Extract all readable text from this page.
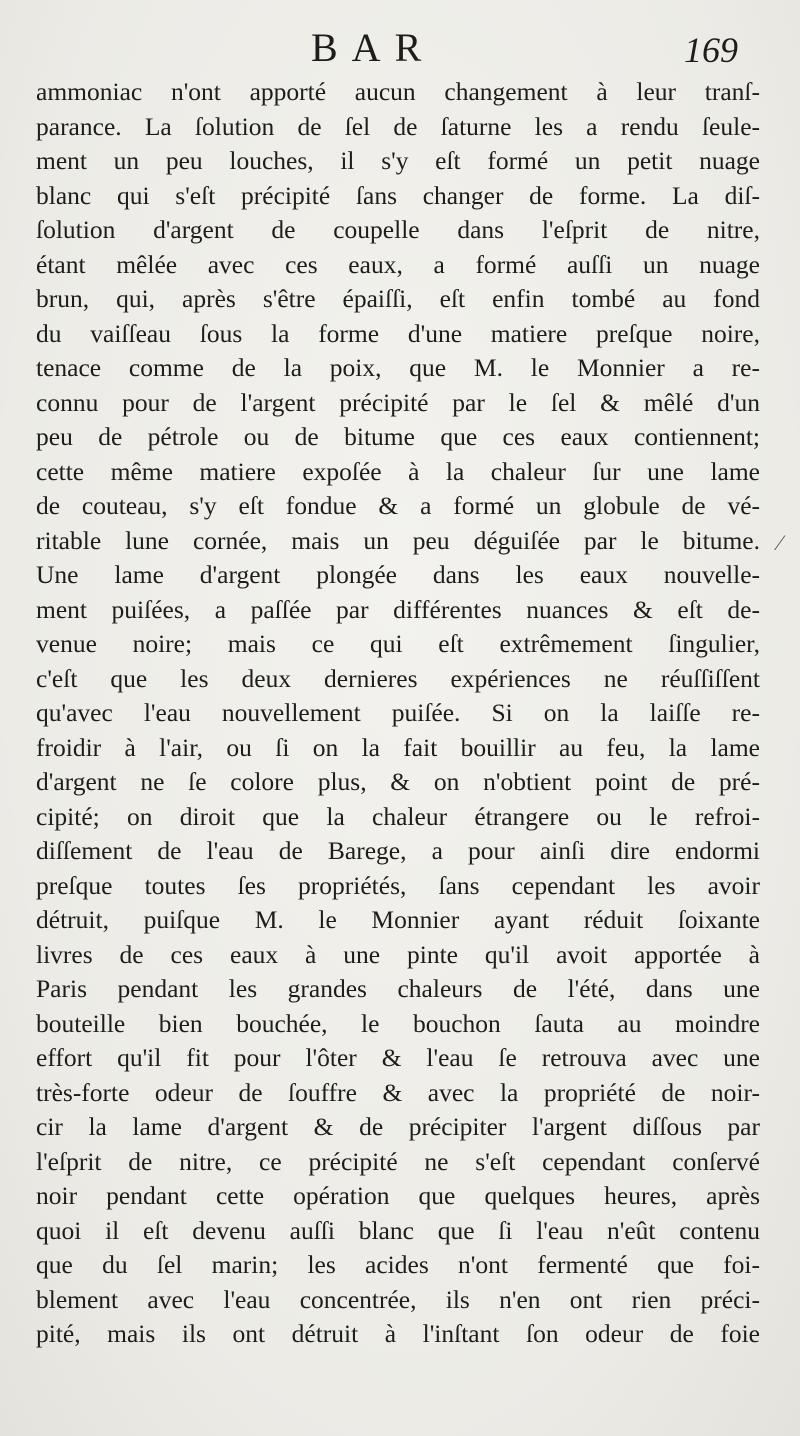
BAR	169
ammoniac n'ont apporté aucun changement à leur tranſ-
parance. La ſolution de ſel de ſaturne les a rendu ſeule-
ment un peu louches, il s'y eſt formé un petit nuage
blanc qui s'eſt précipité ſans changer de forme. La diſ-
ſolution d'argent de coupelle dans l'eſprit de nitre,
étant mêlée avec ces eaux, a formé auſſi un nuage
brun, qui, après s'être épaiſſi, eſt enfin tombé au fond
du vaiſſeau ſous la forme d'une matiere preſque noire,
tenace comme de la poix, que M. le Monnier a re-
connu pour de l'argent précipité par le ſel & mêlé d'un
peu de pétrole ou de bitume que ces eaux contiennent;
cette même matiere expoſée à la chaleur ſur une lame
de couteau, s'y eſt fondue & a formé un globule de vé-
ritable lune cornée, mais un peu déguiſée par le bitume.
Une lame d'argent plongée dans les eaux nouvelle-
ment puiſées, a paſſée par différentes nuances & eſt de-
venue noire; mais ce qui eſt extrêmement ſingulier,
c'eſt que les deux dernieres expériences ne réuſſiſſent
qu'avec l'eau nouvellement puiſée. Si on la laiſſe re-
froidir à l'air, ou ſi on la fait bouillir au feu, la lame
d'argent ne ſe colore plus, & on n'obtient point de pré-
cipité; on diroit que la chaleur étrangere ou le refroi-
diſſement de l'eau de Barege, a pour ainſi dire endormi
preſque toutes ſes propriétés, ſans cependant les avoir
détruit, puiſque M. le Monnier ayant réduit ſoixante
livres de ces eaux à une pinte qu'il avoit apportée à
Paris pendant les grandes chaleurs de l'été, dans une
bouteille bien bouchée, le bouchon ſauta au moindre
effort qu'il fit pour l'ôter & l'eau ſe retrouva avec une
très-forte odeur de ſouffre & avec la propriété de noir-
cir la lame d'argent & de précipiter l'argent diſſous par
l'eſprit de nitre, ce précipité ne s'eſt cependant conſervé
noir pendant cette opération que quelques heures, après
quoi il eſt devenu auſſi blanc que ſi l'eau n'eût contenu
que du ſel marin; les acides n'ont fermenté que foi-
blement avec l'eau concentrée, ils n'en ont rien préci-
pité, mais ils ont détruit à l'inſtant ſon odeur de foie
⁄
